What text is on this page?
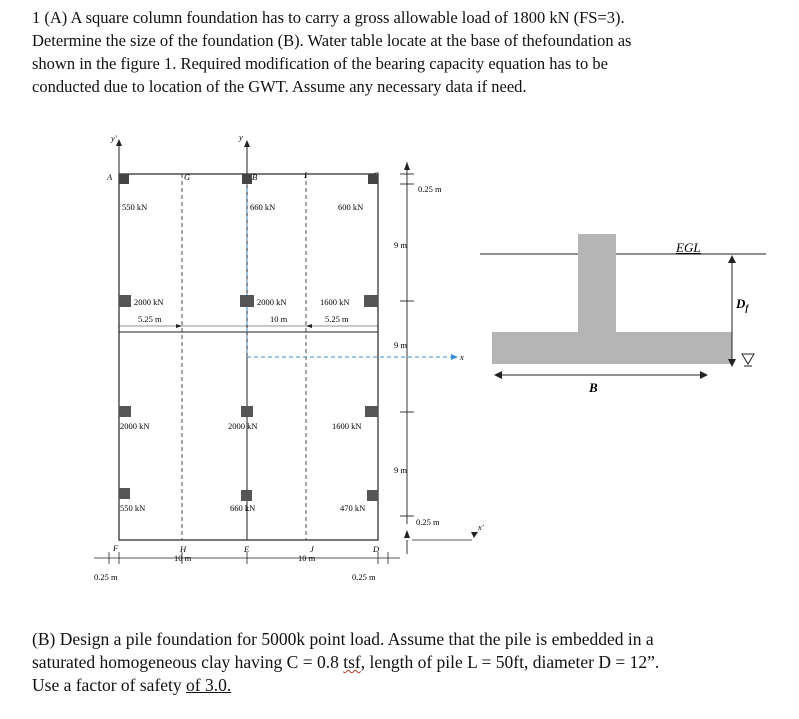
1 (A) A square column foundation has to carry a gross allowable load of 1800 kN (FS=3).
Determine the size of the foundation (B). Water table locate at the base of thefoundation as
shown in the figure 1. Required modification of the bearing capacity equation has to be
conducted due to location of the GWT. Assume any necessary data if need.

y'	y
x
A	G	B	I
F	H	E	J	D
550 kN	660 kN	600 kN
2000 kN	2000 kN	1600 kN
2000 kN	2000 kN	1600 kN
550 kN	660 kN	470 kN
5.25 m	10 m	5.25 m
0.25 m
9 m
9 m
9 m
0.25 m	x'
10 m	10 m
0.25 m	0.25 m
EGL
$D_f$
B

(B) Design a pile foundation for 5000k point load. Assume that the pile is embedded in a
saturated homogeneous clay having C = 0.8 tsf, length of pile L = 50ft, diameter D = 12”.
Use a factor of safety of 3.0.
